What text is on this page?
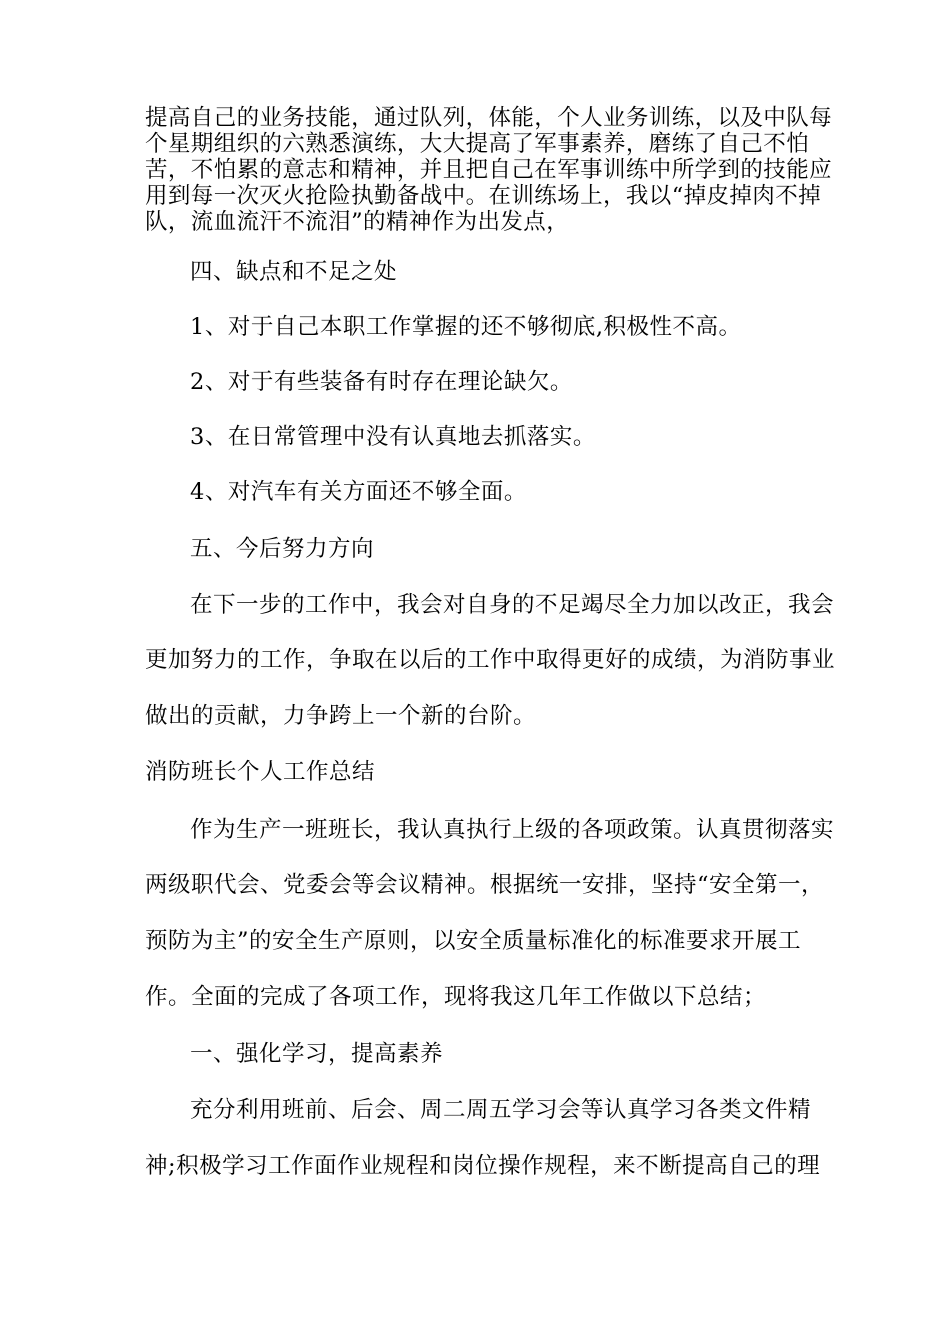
提高自己的业务技能，通过队列，体能，个人业务训练，以及中队每
个星期组织的六熟悉演练，大大提高了军事素养，磨练了自己不怕
苦，不怕累的意志和精神，并且把自己在军事训练中所学到的技能应
用到每一次灭火抢险执勤备战中。在训练场上，我以“掉皮掉肉不掉
队，流血流汗不流泪”的精神作为出发点，
四、缺点和不足之处
1、对于自己本职工作掌握的还不够彻底,积极性不高。
2、对于有些装备有时存在理论缺欠。
3、在日常管理中没有认真地去抓落实。
4、对汽车有关方面还不够全面。
五、今后努力方向
在下一步的工作中，我会对自身的不足竭尽全力加以改正，我会
更加努力的工作，争取在以后的工作中取得更好的成绩，为消防事业
做出的贡献，力争跨上一个新的台阶。
消防班长个人工作总结
作为生产一班班长，我认真执行上级的各项政策。认真贯彻落实
两级职代会、党委会等会议精神。根据统一安排，坚持“安全第一，
预防为主”的安全生产原则，以安全质量标准化的标准要求开展工
作。全面的完成了各项工作，现将我这几年工作做以下总结；
一、强化学习，提高素养
充分利用班前、后会、周二周五学习会等认真学习各类文件精
神;积极学习工作面作业规程和岗位操作规程，来不断提高自己的理
